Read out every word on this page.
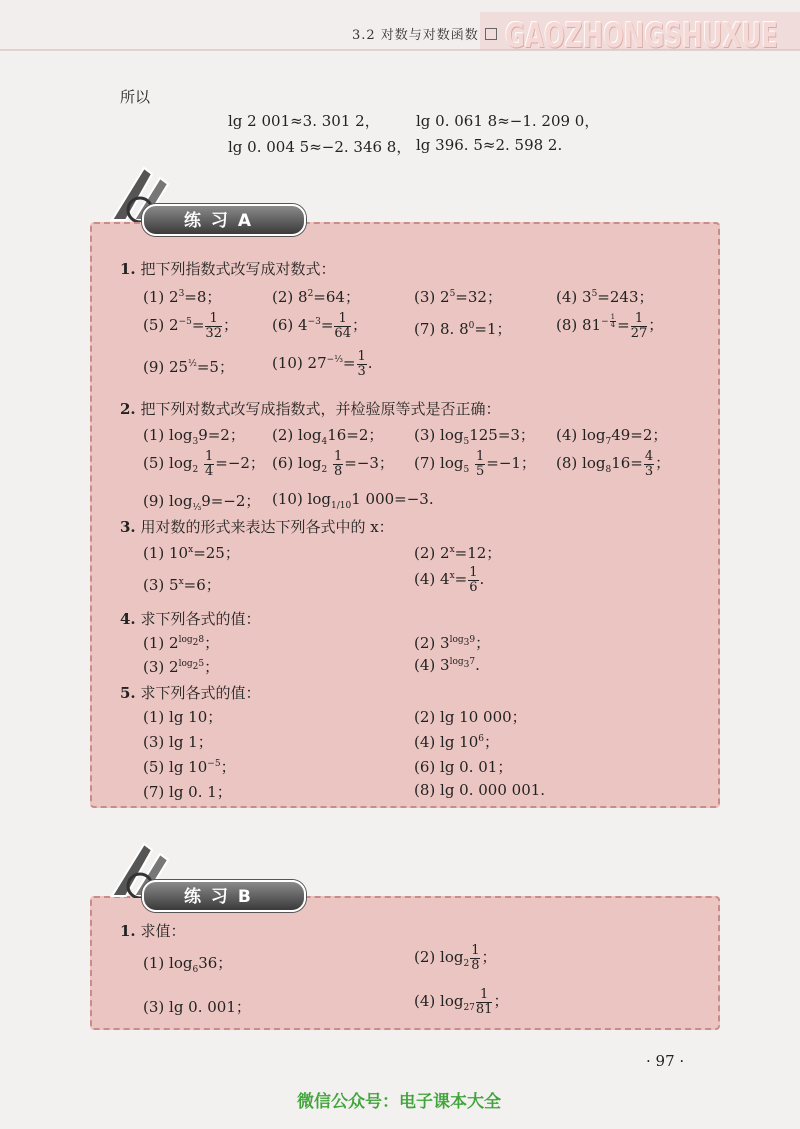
3.2 对数与对数函数 GAOZHONGSHUXUE
所以
lg 2 001≈3. 301 2， lg 0. 061 8≈−1. 209 0，
lg 0. 004 5≈−2. 346 8， lg 396. 5≈2. 598 2.
练 习 A
1. 把下列指数式改写成对数式：
(1) $2^3=8$；	(2) $8^2=64$；	(3) $2^5=32$；	(4) $3^5=243$；
(5) $2^{-5}= \frac{1}{32}$ ； (6) $4^{-3}= \frac{1}{64}$ ；	(7) 8. $8^0=1$；	(8) $81^{- \frac{1}{4}} = \frac{1}{27}$ ；
(9) $25^{\frac{1}{2}}=5$；	(10) $27^{-\frac{1}{3}}= \frac{1}{3}$ .
2. 把下列对数式改写成指数式，并检验原等式是否正确：
(1) $\log_39=2$； (2) $\log_416=2$； (3) $\log_5125=3$； (4) $\log_749=2$；
(5) $\log_2 \frac{1}{4} =-2$； (6) $\log_2 \frac{1}{8} =-3$； (7) $\log_5 \frac{1}{5} =-1$； (8) $\log_816= \frac{4}{3}$ ；
(9) $\log_{\frac{1}{3}}9=-2$； (10) $\log_{1/10}1$ 000=−3.
3. 用对数的形式来表达下列各式中的 x：
(1) $10^x=25$；	(2) $2^x=12$；
(3) $5^x=6$；	(4) $4^x= \frac{1}{6}$ .
4. 求下列各式的值：
(1) $2^{log_28}$；	(2) $3^{log_39}$；
(3) $2^{log_25}$；	(4) $3^{log_37}$.
5. 求下列各式的值：
(1) lg 10；	(2) lg 10 000；
(3) lg 1；	(4) $\lg 10^6$；
(5) $\lg 10^{-5}$；	(6) lg 0. 01；
(7) lg 0. 1；	(8) lg 0. 000 001.
练 习 B
1. 求值：
(1) $\log_636$；	(2) $\log_2 \frac{1}{8}$ ；
(3) lg 0. 001；	(4) $\log_{27} \frac{1}{81}$ ；
· 97 ·
微信公众号：电子课本大全
